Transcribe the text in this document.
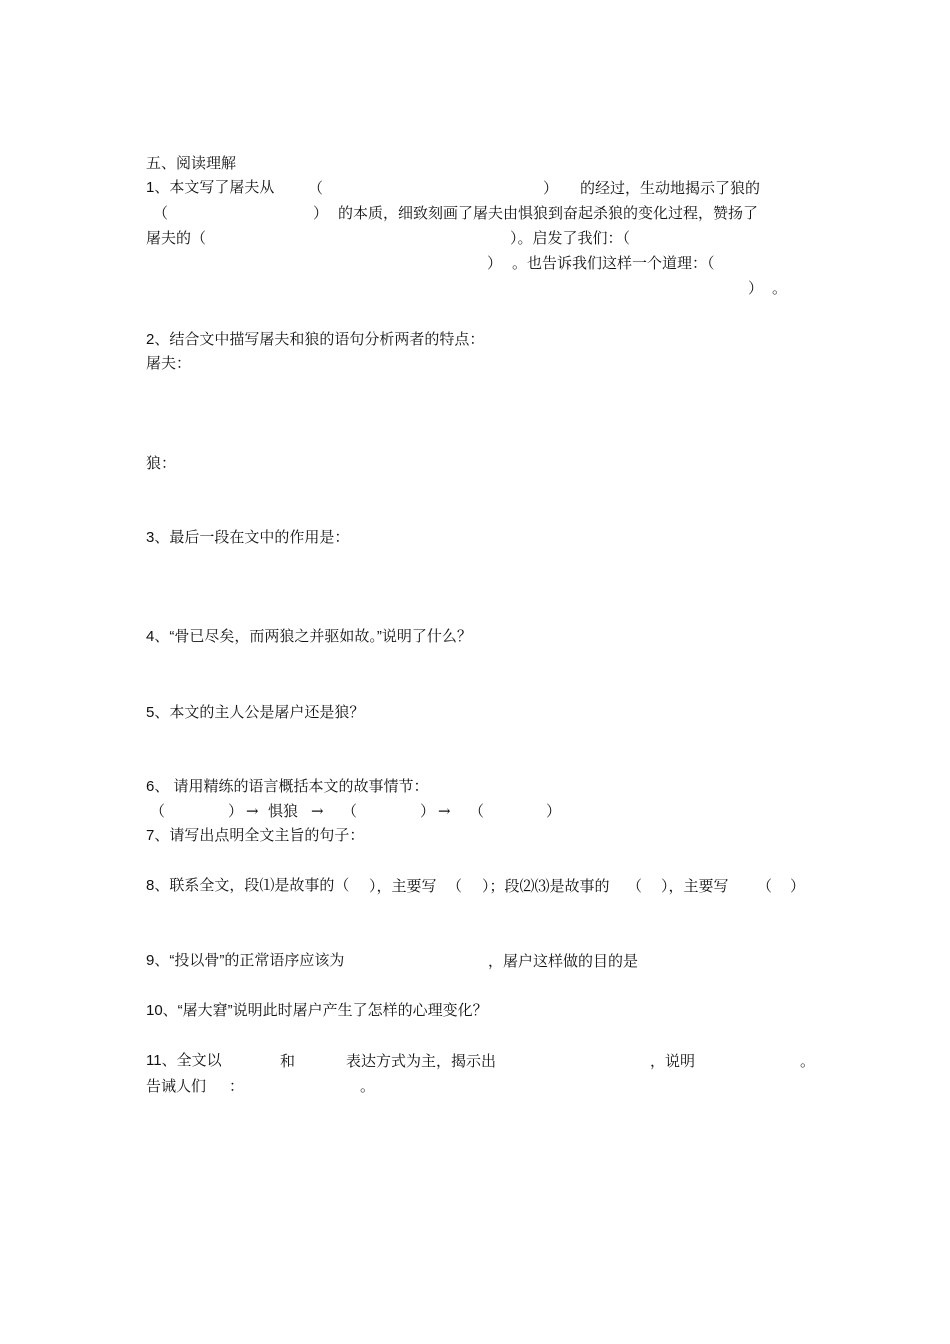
五、阅读理解
1、本文写了屠夫从 （	） 的经过，生动地揭示了狼的
（	） 的本质，细致刻画了屠夫由惧狼到奋起杀狼的变化过程，赞扬了
屠夫的（	）。启发了我们：（
） 。也告诉我们这样一个道理：（
） 。
2、结合文中描写屠夫和狼的语句分析两者的特点：
屠夫：
狼：
3、最后一段在文中的作用是：
4、“骨已尽矣，而两狼之并驱如故。”说明了什么？
5、本文的主人公是屠户还是狼？
6、 请用精练的语言概括本文的故事情节：
（	） → 惧狼 → （	） → （	）
7、请写出点明全文主旨的句子：
8、联系全文，段⑴是故事的（ ），主要写 （ ）；段⑵⑶是故事的 （ ），主要写 （ ）
9、“投以骨”的正常语序应该为	，屠户这样做的目的是
10、“屠大窘”说明此时屠户产生了怎样的心理变化？
11、全文以	和	表达方式为主，揭示出	，说明	。
告诫人们 ：	。
